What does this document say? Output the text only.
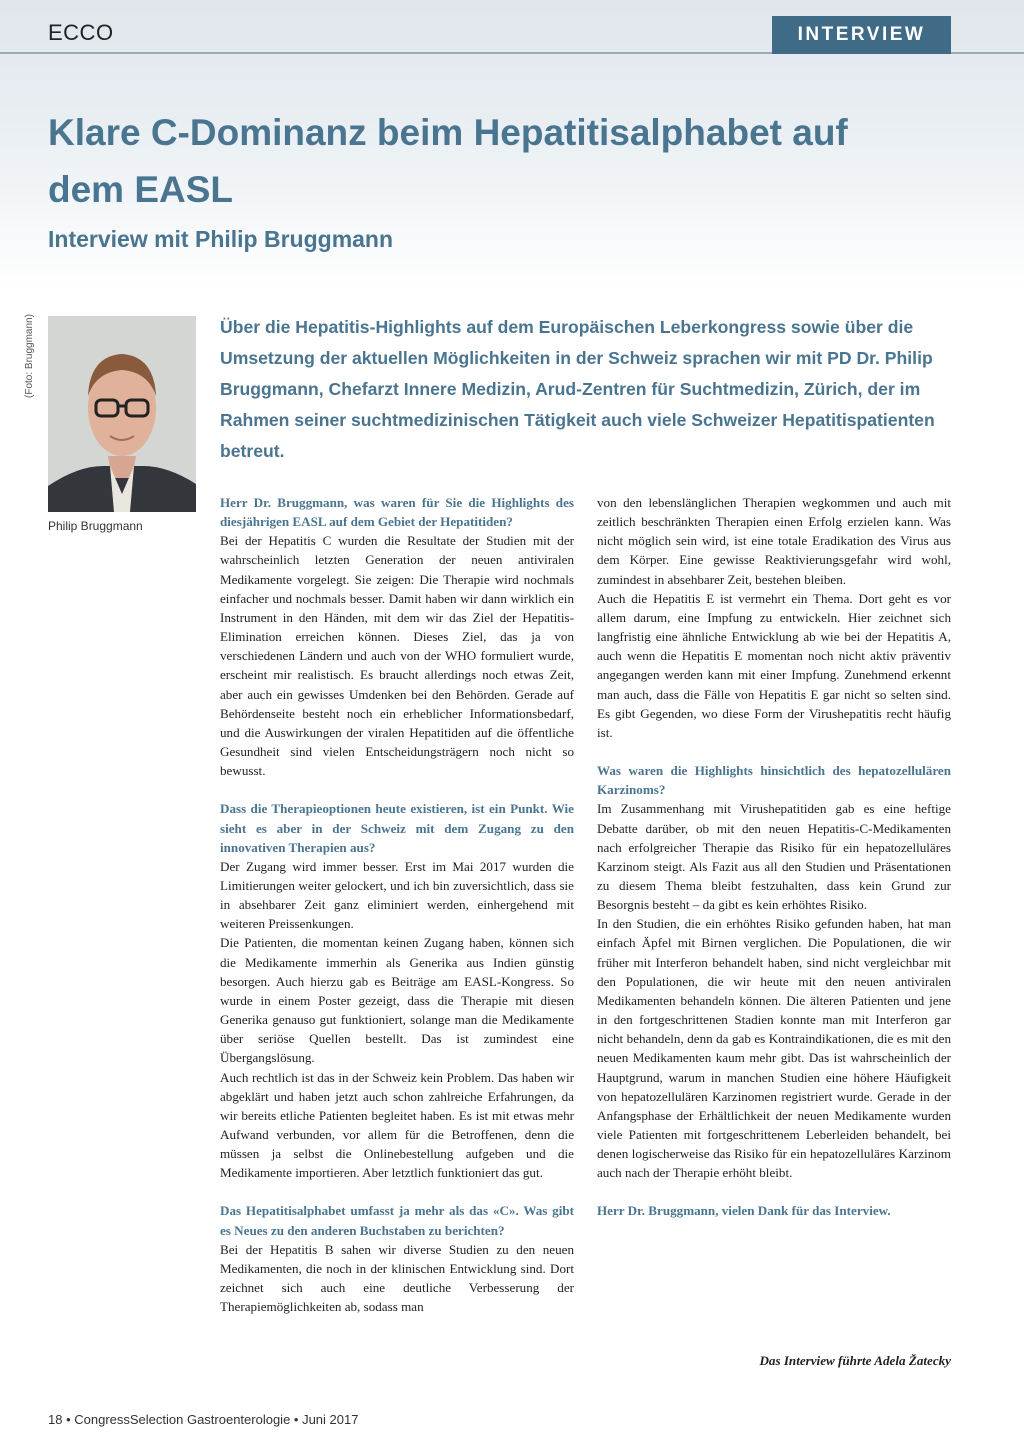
ECCO	INTERVIEW
Klare C-Dominanz beim Hepatitisalphabet auf dem EASL
Interview mit Philip Bruggmann
(Foto: Bruggmann)
Philip Bruggmann

Über die Hepatitis-Highlights auf dem Europäischen Leberkongress sowie über die Umsetzung der aktuellen Möglichkeiten in der Schweiz sprachen wir mit PD Dr. Philip Bruggmann, Chefarzt Innere Medizin, Arud-Zentren für Suchtmedizin, Zürich, der im Rahmen seiner suchtmedizinischen Tätigkeit auch viele Schweizer Hepatitispatienten betreut.

Herr Dr. Bruggmann, was waren für Sie die Highlights des diesjährigen EASL auf dem Gebiet der Hepatitiden?

Bei der Hepatitis C wurden die Resultate der Studien mit der wahrscheinlich letzten Generation der neuen antiviralen Medikamente vorgelegt. Sie zeigen: Die Therapie wird nochmals einfacher und nochmals besser. Damit haben wir dann wirklich ein Instrument in den Händen, mit dem wir das Ziel der Hepatitis-Elimination erreichen können. Dieses Ziel, das ja von verschiedenen Ländern und auch von der WHO formuliert wurde, erscheint mir realistisch. Es braucht allerdings noch etwas Zeit, aber auch ein gewisses Umdenken bei den Behörden. Gerade auf Behördenseite besteht noch ein erheblicher Informationsbedarf, und die Auswirkungen der viralen Hepatitiden auf die öffentliche Gesundheit sind vielen Entscheidungsträgern noch nicht so bewusst.

Dass die Therapieoptionen heute existieren, ist ein Punkt. Wie sieht es aber in der Schweiz mit dem Zugang zu den innovativen Therapien aus?

Der Zugang wird immer besser. Erst im Mai 2017 wurden die Limitierungen weiter gelockert, und ich bin zuversichtlich, dass sie in absehbarer Zeit ganz eliminiert werden, einhergehend mit weiteren Preissenkungen.

Die Patienten, die momentan keinen Zugang haben, können sich die Medikamente immerhin als Generika aus Indien günstig besorgen. Auch hierzu gab es Beiträge am EASL-Kongress. So wurde in einem Poster gezeigt, dass die Therapie mit diesen Generika genauso gut funktioniert, solange man die Medikamente über seriöse Quellen bestellt. Das ist zumindest eine Übergangslösung.

Auch rechtlich ist das in der Schweiz kein Problem. Das haben wir abgeklärt und haben jetzt auch schon zahlreiche Erfahrungen, da wir bereits etliche Patienten begleitet haben. Es ist mit etwas mehr Aufwand verbunden, vor allem für die Betroffenen, denn die müssen ja selbst die Onlinebestellung aufgeben und die Medikamente importieren. Aber letztlich funktioniert das gut.

Das Hepatitisalphabet umfasst ja mehr als das «C». Was gibt es Neues zu den anderen Buchstaben zu berichten?

Bei der Hepatitis B sahen wir diverse Studien zu den neuen Medikamenten, die noch in der klinischen Entwicklung sind. Dort zeichnet sich auch eine deutliche Verbesserung der Therapiemöglichkeiten ab, sodass man

von den lebenslänglichen Therapien wegkommen und auch mit zeitlich beschränkten Therapien einen Erfolg erzielen kann. Was nicht möglich sein wird, ist eine totale Eradikation des Virus aus dem Körper. Eine gewisse Reaktivierungsgefahr wird wohl, zumindest in absehbarer Zeit, bestehen bleiben.

Auch die Hepatitis E ist vermehrt ein Thema. Dort geht es vor allem darum, eine Impfung zu entwickeln. Hier zeichnet sich langfristig eine ähnliche Entwicklung ab wie bei der Hepatitis A, auch wenn die Hepatitis E momentan noch nicht aktiv präventiv angegangen werden kann mit einer Impfung. Zunehmend erkennt man auch, dass die Fälle von Hepatitis E gar nicht so selten sind. Es gibt Gegenden, wo diese Form der Virushepatitis recht häufig ist.

Was waren die Highlights hinsichtlich des hepatozellulären Karzinoms?

Im Zusammenhang mit Virushepatitiden gab es eine heftige Debatte darüber, ob mit den neuen Hepatitis-C-Medikamenten nach erfolgreicher Therapie das Risiko für ein hepatozelluläres Karzinom steigt. Als Fazit aus all den Studien und Präsentationen zu diesem Thema bleibt festzuhalten, dass kein Grund zur Besorgnis besteht – da gibt es kein erhöhtes Risiko.

In den Studien, die ein erhöhtes Risiko gefunden haben, hat man einfach Äpfel mit Birnen verglichen. Die Populationen, die wir früher mit Interferon behandelt haben, sind nicht vergleichbar mit den Populationen, die wir heute mit den neuen antiviralen Medikamenten behandeln können. Die älteren Patienten und jene in den fortgeschrittenen Stadien konnte man mit Interferon gar nicht behandeln, denn da gab es Kontraindikationen, die es mit den neuen Medikamenten kaum mehr gibt. Das ist wahrscheinlich der Hauptgrund, warum in manchen Studien eine höhere Häufigkeit von hepatozellulären Karzinomen registriert wurde. Gerade in der Anfangsphase der Erhältlichkeit der neuen Medikamente wurden viele Patienten mit fortgeschrittenem Leberleiden behandelt, bei denen logischerweise das Risiko für ein hepatozelluläres Karzinom auch nach der Therapie erhöht bleibt.

Herr Dr. Bruggmann, vielen Dank für das Interview.

Das Interview führte Adela Žatecky
18 • CongressSelection Gastroenterologie • Juni 2017
